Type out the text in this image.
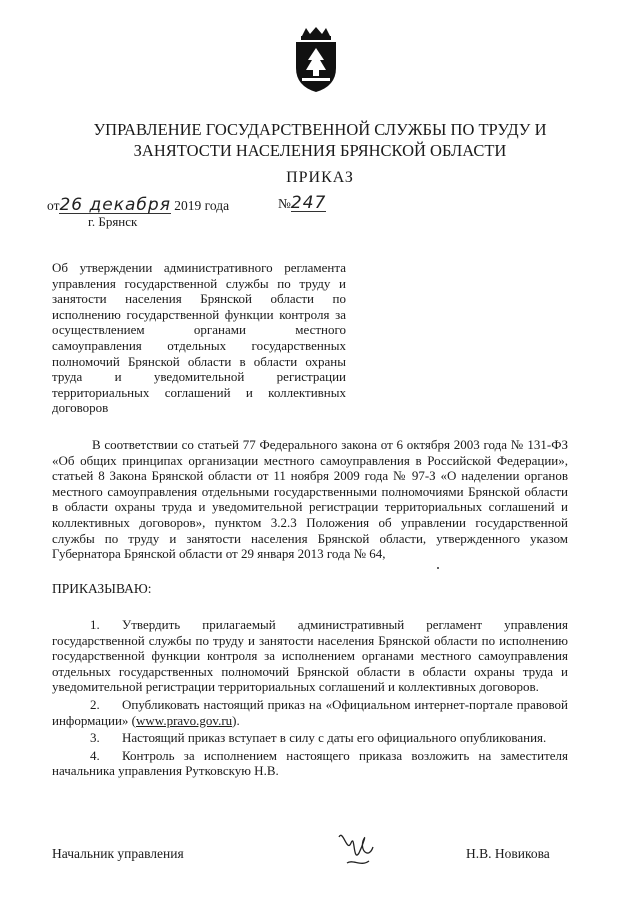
УПРАВЛЕНИЕ ГОСУДАРСТВЕННОЙ СЛУЖБЫ ПО ТРУДУ И
ЗАНЯТОСТИ НАСЕЛЕНИЯ БРЯНСКОЙ ОБЛАСТИ
ПРИКАЗ
от26 декабря 2019 года	№247
г. Брянск
Об утверждении административного регламента управления государственной службы по труду и занятости населения Брянской области по исполнению государственной функции контроля за осуществлением органами местного самоуправления отдельных государственных полномочий Брянской области в области охраны труда и уведомительной регистрации территориальных соглашений и коллективных договоров
В соответствии со статьей 77 Федерального закона от 6 октября 2003 года № 131-ФЗ «Об общих принципах организации местного самоуправления в Российской Федерации», статьей 8 Закона Брянской области от 11 ноября 2009 года № 97-З «О наделении органов местного самоуправления отдельными государственными полномочиями Брянской области в области охраны труда и уведомительной регистрации территориальных соглашений и коллективных договоров», пунктом 3.2.3 Положения об управлении государственной службы по труду и занятости населения Брянской области, утвержденного указом Губернатора Брянской области от 29 января 2013 года № 64,
ПРИКАЗЫВАЮ:

1. Утвердить прилагаемый административный регламент управления государственной службы по труду и занятости населения Брянской области по исполнению государственной функции контроля за исполнением органами местного самоуправления отдельных государственных полномочий Брянской области в области охраны труда и уведомительной регистрации территориальных соглашений и коллективных договоров.

2. Опубликовать настоящий приказ на «Официальном интернет-портале правовой информации» (www.pravo.gov.ru).

3. Настоящий приказ вступает в силу с даты его официального опубликования.

4. Контроль за исполнением настоящего приказа возложить на заместителя начальника управления Рутковскую Н.В.

Начальник управления	Н.В. Новикова
